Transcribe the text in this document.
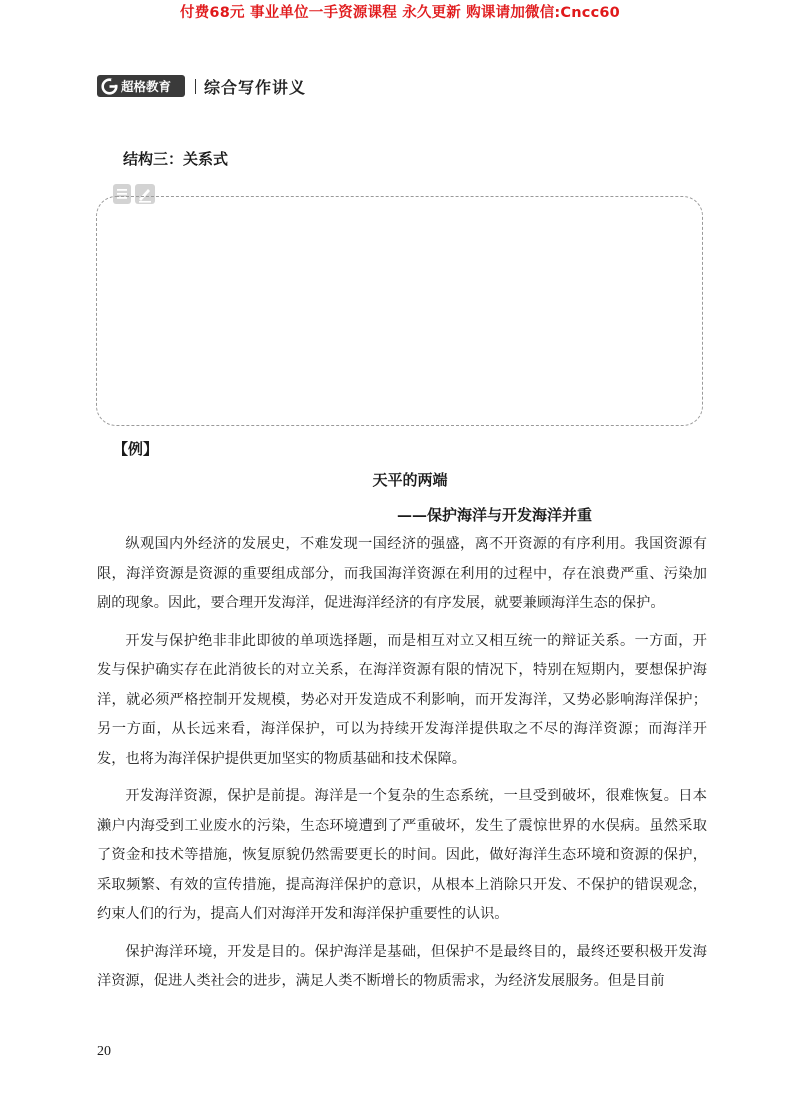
付费68元 事业单位一手资源课程 永久更新 购课请加微信:Cncc60
超格教育 综合写作讲义
结构三：关系式
【例】
天平的两端
——保护海洋与开发海洋并重

纵观国内外经济的发展史，不难发现一国经济的强盛，离不开资源的有序利用。我国资源有限，海洋资源是资源的重要组成部分，而我国海洋资源在利用的过程中，存在浪费严重、污染加剧的现象。因此，要合理开发海洋，促进海洋经济的有序发展，就要兼顾海洋生态的保护。

开发与保护绝非非此即彼的单项选择题，而是相互对立又相互统一的辩证关系。一方面，开发与保护确实存在此消彼长的对立关系，在海洋资源有限的情况下，特别在短期内，要想保护海洋，就必须严格控制开发规模，势必对开发造成不利影响，而开发海洋，又势必影响海洋保护；另一方面，从长远来看，海洋保护，可以为持续开发海洋提供取之不尽的海洋资源；而海洋开发，也将为海洋保护提供更加坚实的物质基础和技术保障。

开发海洋资源，保护是前提。海洋是一个复杂的生态系统，一旦受到破坏，很难恢复。日本濑户内海受到工业废水的污染，生态环境遭到了严重破坏，发生了震惊世界的水俣病。虽然采取了资金和技术等措施，恢复原貌仍然需要更长的时间。因此，做好海洋生态环境和资源的保护，采取频繁、有效的宣传措施，提高海洋保护的意识，从根本上消除只开发、不保护的错误观念，约束人们的行为，提高人们对海洋开发和海洋保护重要性的认识。

保护海洋环境，开发是目的。保护海洋是基础，但保护不是最终目的，最终还要积极开发海洋资源，促进人类社会的进步，满足人类不断增长的物质需求，为经济发展服务。但是目前

20
